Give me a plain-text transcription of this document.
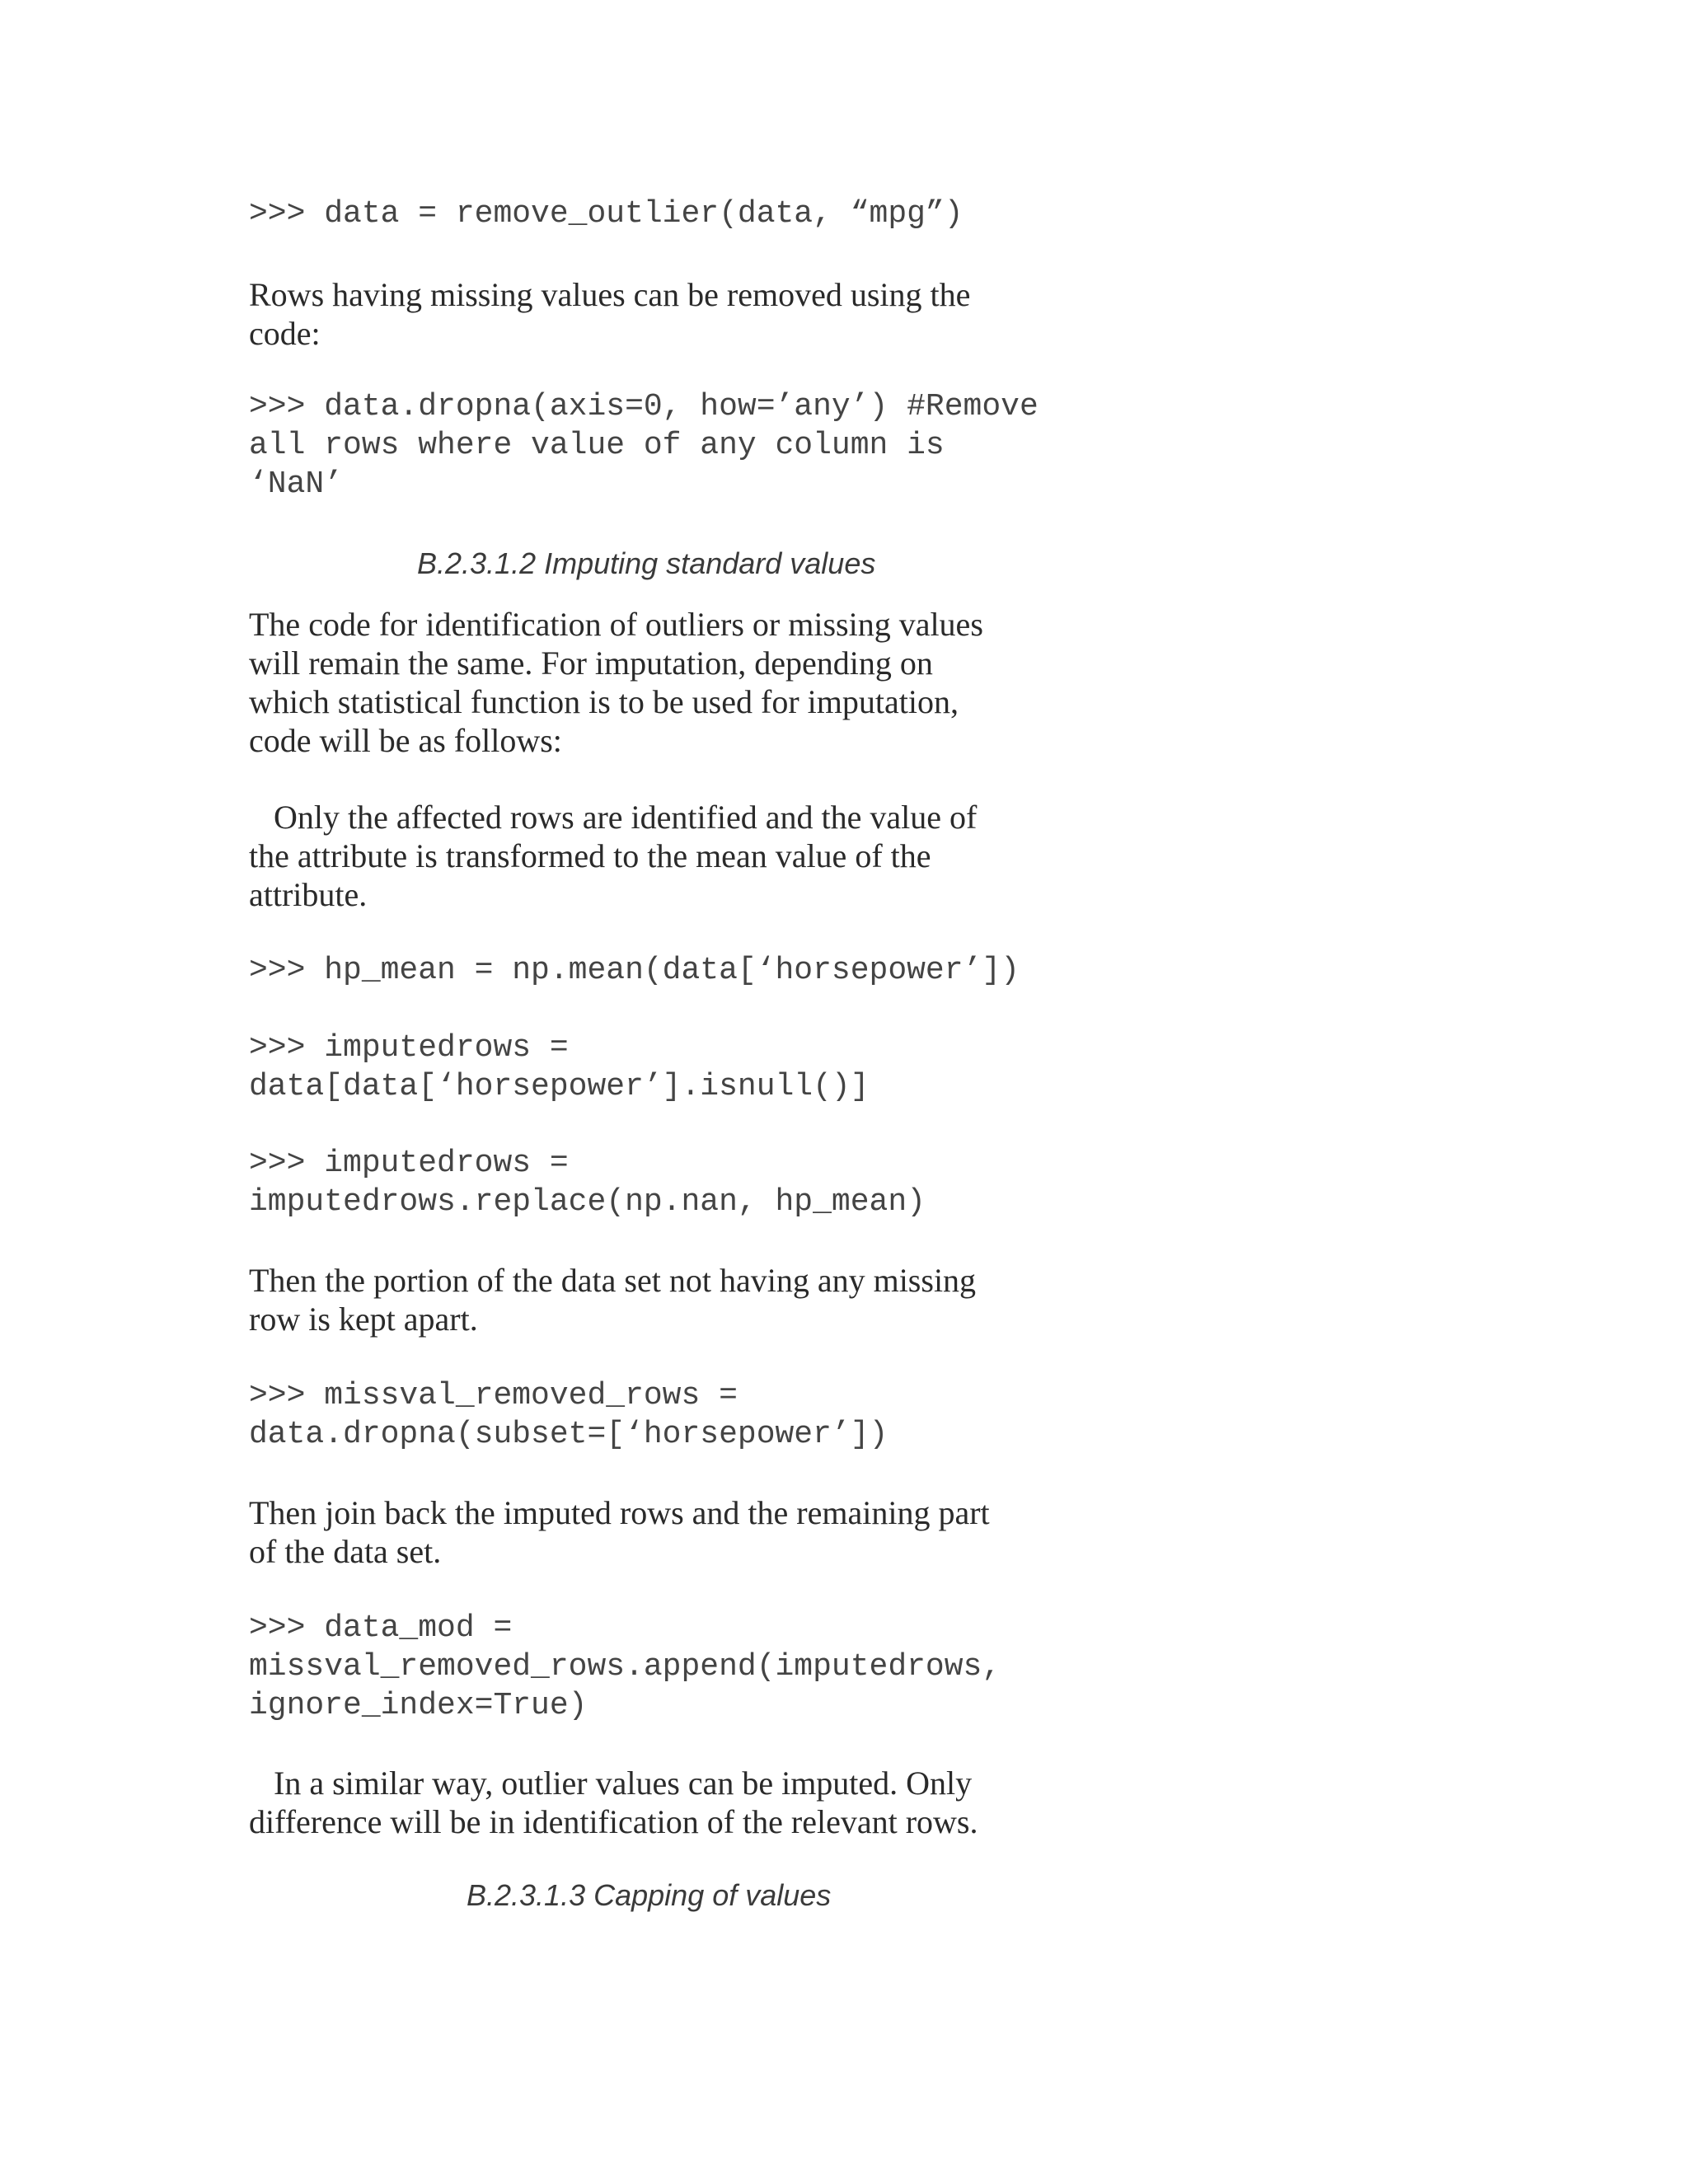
>>> data = remove_outlier(data, “mpg”)

Rows having missing values can be removed using the
code:

>>> data.dropna(axis=0, how=’any’) #Remove
all rows where value of any column is
‘NaN’

B.2.3.1.2 Imputing standard values

The code for identification of outliers or missing values
will remain the same. For imputation, depending on
which statistical function is to be used for imputation,
code will be as follows:

Only the affected rows are identified and the value of
the attribute is transformed to the mean value of the
attribute.

>>> hp_mean = np.mean(data[‘horsepower’])
>>> imputedrows =
data[data[‘horsepower’].isnull()]
>>> imputedrows =
imputedrows.replace(np.nan, hp_mean)

Then the portion of the data set not having any missing
row is kept apart.

>>> missval_removed_rows =
data.dropna(subset=[‘horsepower’])

Then join back the imputed rows and the remaining part
of the data set.

>>> data_mod =
missval_removed_rows.append(imputedrows,
ignore_index=True)

In a similar way, outlier values can be imputed. Only
difference will be in identification of the relevant rows.

B.2.3.1.3 Capping of values
